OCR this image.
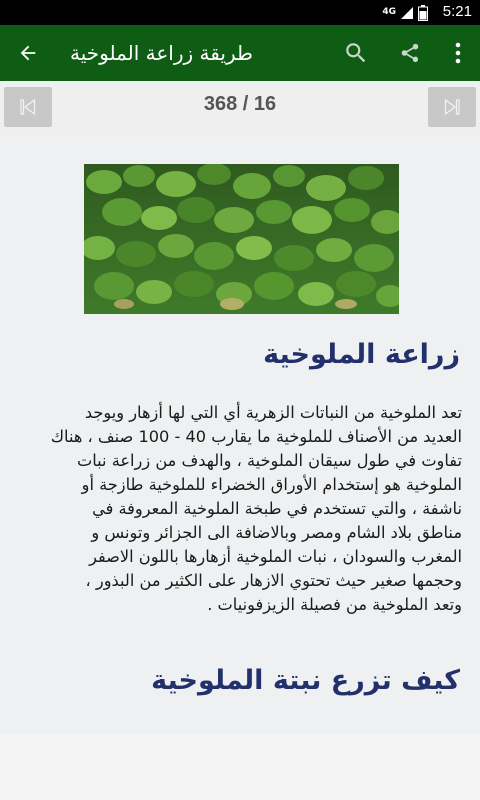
4G	5:21
طريقة زراعة الملوخية
368 / 16
زراعة الملوخية
تعد الملوخية من النباتات الزهرية أي التي لها أزهار ويوجد
العديد من الأصناف للملوخية ما يقارب 40 - 100 صنف ، هناك
تفاوت في طول سيقان الملوخية ، والهدف من زراعة نبات
الملوخية هو إستخدام الأوراق الخضراء للملوخية طازجة أو
ناشفة ، والتي تستخدم في طبخة الملوخية المعروفة في
مناطق بلاد الشام ومصر وبالاضافة الى الجزائر وتونس و
المغرب والسودان ، نبات الملوخية أزهارها باللون الاصفر
وحجمها صغير حيث تحتوي الازهار على الكثير من البذور ،
وتعد الملوخية من فصيلة الزيزفونيات .
كيف تزرع نبتة الملوخية
